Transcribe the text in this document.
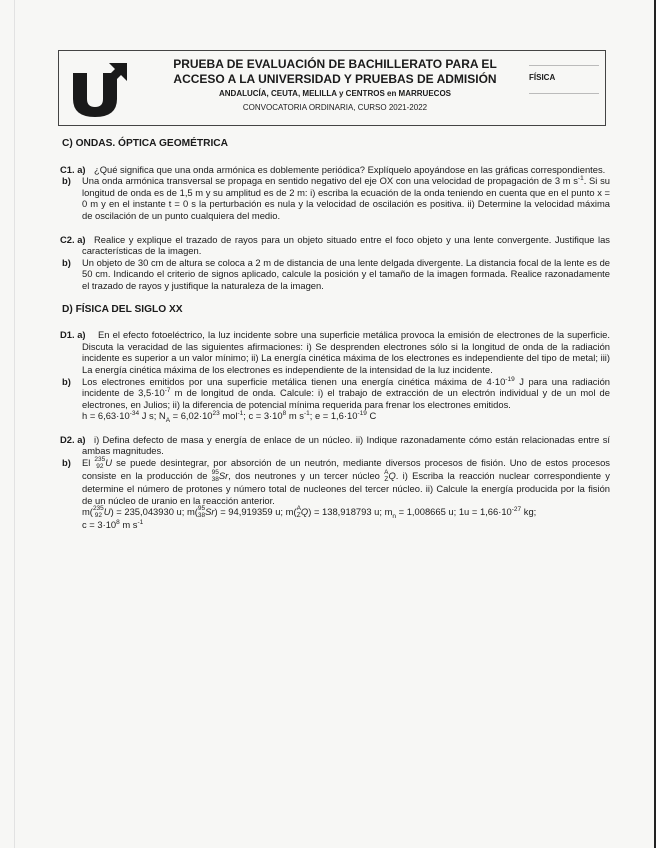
PRUEBA DE EVALUACIÓN DE BACHILLERATO PARA EL
ACCESO A LA UNIVERSIDAD Y PRUEBAS DE ADMISIÓN
ANDALUCÍA, CEUTA, MELILLA y CENTROS en MARRUECOS
CONVOCATORIA ORDINARIA, CURSO 2021-2022
FÍSICA
C) ONDAS. ÓPTICA GEOMÉTRICA
C1. a) ¿Qué significa que una onda armónica es doblemente periódica? Explíquelo apoyándose en las gráficas correspondientes.
b) Una onda armónica transversal se propaga en sentido negativo del eje OX con una velocidad de propagación de 3 m $s^{-1}$. Si su longitud de onda es de 1,5 m y su amplitud es de 2 m: i) escriba la ecuación de la onda teniendo en cuenta que en el punto x = 0 m y en el instante t = 0 s la perturbación es nula y la velocidad de oscilación es positiva. ii) Determine la velocidad máxima de oscilación de un punto cualquiera del medio.
C2. a) Realice y explique el trazado de rayos para un objeto situado entre el foco objeto y una lente convergente. Justifique las características de la imagen.
b) Un objeto de 30 cm de altura se coloca a 2 m de distancia de una lente delgada divergente. La distancia focal de la lente es de 50 cm. Indicando el criterio de signos aplicado, calcule la posición y el tamaño de la imagen formada. Realice razonadamente el trazado de rayos y justifique la naturaleza de la imagen.
D) FÍSICA DEL SIGLO XX
D1. a) En el efecto fotoeléctrico, la luz incidente sobre una superficie metálica provoca la emisión de electrones de la superficie. Discuta la veracidad de las siguientes afirmaciones: i) Se desprenden electrones sólo si la longitud de onda de la radiación incidente es superior a un valor mínimo; ii) La energía cinética máxima de los electrones es independiente del tipo de metal; iii) La energía cinética máxima de los electrones es independiente de la intensidad de la luz incidente.
b) Los electrones emitidos por una superficie metálica tienen una energía cinética máxima de $4\cdot 10^{-19}$ J para una radiación incidente de $3,5\cdot 10^{-7}$ m de longitud de onda. Calcule: i) el trabajo de extracción de un electrón individual y de un mol de electrones, en Julios; ii) la diferencia de potencial mínima requerida para frenar los electrones emitidos.
$h = 6,63\cdot 10^{-34}$ J s; $N_A = 6,02\cdot 10^{23}$ mol$^{-1}$; $c = 3\cdot 10^8$ m $s^{-1}$; $e = 1,6\cdot 10^{-19}$ C
D2. a) i) Defina defecto de masa y energía de enlace de un núcleo. ii) Indique razonadamente cómo están relacionadas entre sí ambas magnitudes.
b) El 235
92 U se puede desintegrar, por absorción de un neutrón, mediante diversos procesos de fisión. Uno de estos procesos consiste en la producción de 95
38Sr, dos neutrones y un tercer núcleo A
ZQ. i) Escriba la reacción nuclear correspondiente y determine el número de protones y número total de nucleones del tercer núcleo. ii) Calcule la energía producida por la fisión de un núcleo de uranio en la reacción anterior.
m(235
92 U) = 235,043930 u; m(95
38Sr) = 94,919359 u; m(A
ZQ) = 138,918793 u; $m_n = 1,008665$ u; $1u = 1,66\cdot 10^{-27}$ kg;
$c = 3\cdot 10^8$ m $s^{-1}$
